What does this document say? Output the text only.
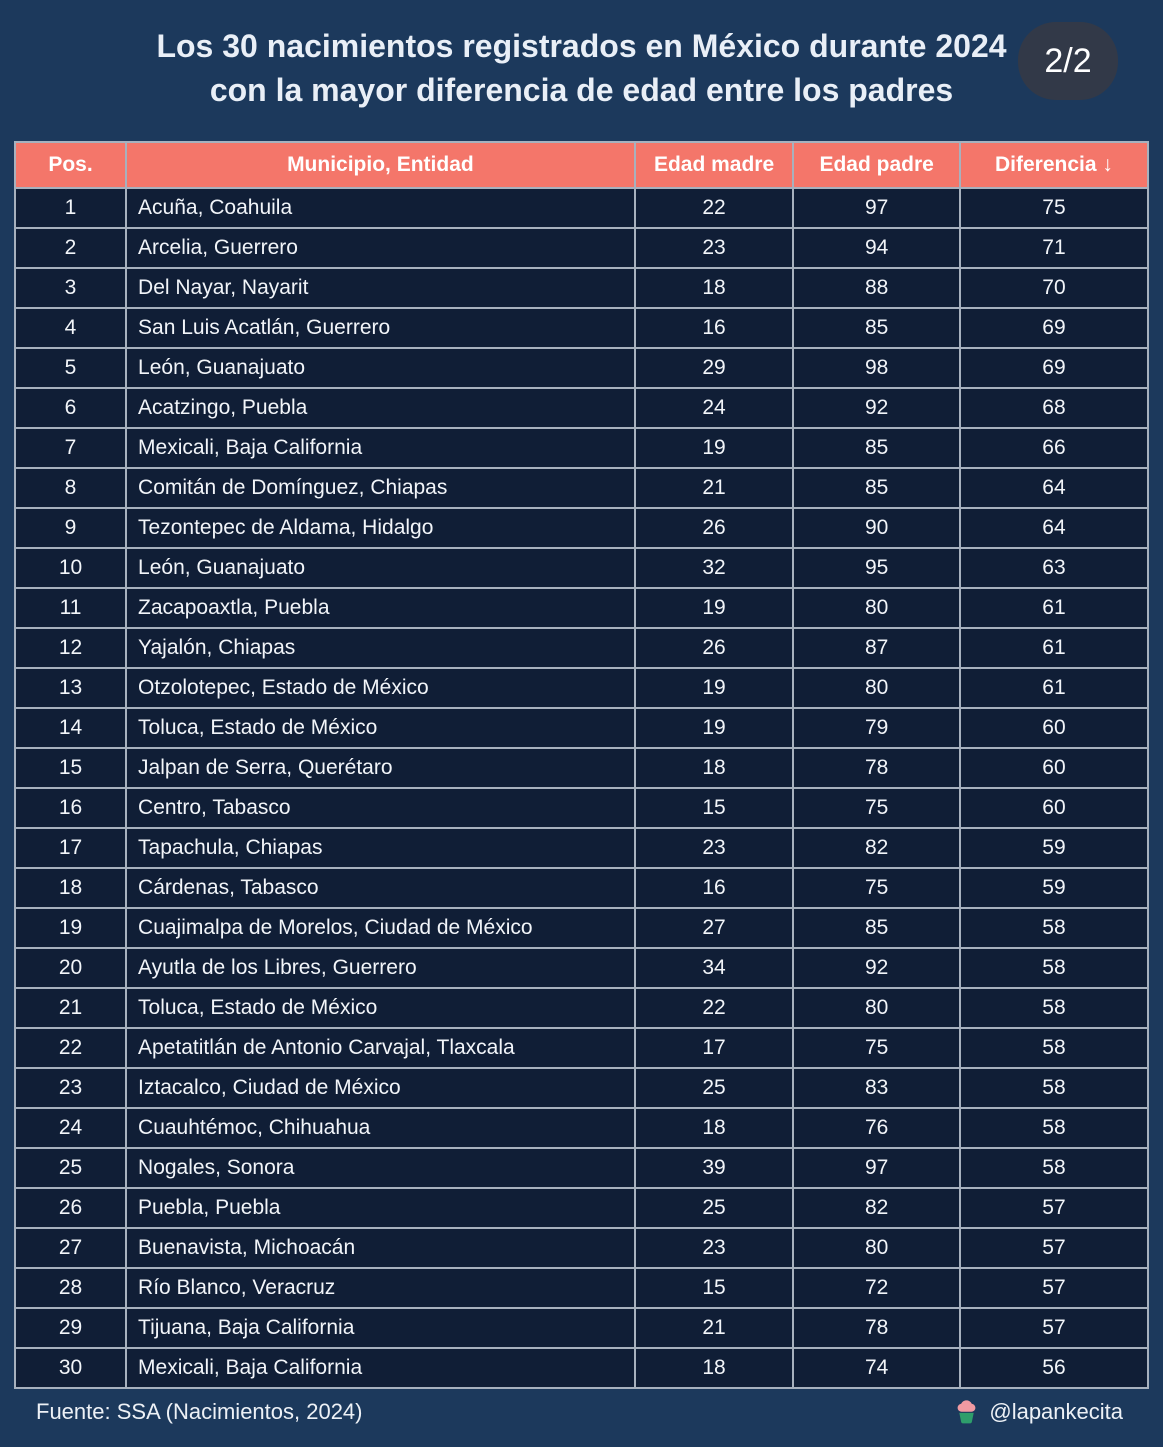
Los 30 nacimientos registrados en México durante 2024
con la mayor diferencia de edad entre los padres
2/2
Pos.	Municipio, Entidad	Edad madre	Edad padre	Diferencia ↓
1	Acuña, Coahuila	22	97	75
2	Arcelia, Guerrero	23	94	71
3	Del Nayar, Nayarit	18	88	70
4	San Luis Acatlán, Guerrero	16	85	69
5	León, Guanajuato	29	98	69
6	Acatzingo, Puebla	24	92	68
7	Mexicali, Baja California	19	85	66
8	Comitán de Domínguez, Chiapas	21	85	64
9	Tezontepec de Aldama, Hidalgo	26	90	64
10	León, Guanajuato	32	95	63
11	Zacapoaxtla, Puebla	19	80	61
12	Yajalón, Chiapas	26	87	61
13	Otzolotepec, Estado de México	19	80	61
14	Toluca, Estado de México	19	79	60
15	Jalpan de Serra, Querétaro	18	78	60
16	Centro, Tabasco	15	75	60
17	Tapachula, Chiapas	23	82	59
18	Cárdenas, Tabasco	16	75	59
19	Cuajimalpa de Morelos, Ciudad de México	27	85	58
20	Ayutla de los Libres, Guerrero	34	92	58
21	Toluca, Estado de México	22	80	58
22	Apetatitlán de Antonio Carvajal, Tlaxcala	17	75	58
23	Iztacalco, Ciudad de México	25	83	58
24	Cuauhtémoc, Chihuahua	18	76	58
25	Nogales, Sonora	39	97	58
26	Puebla, Puebla	25	82	57
27	Buenavista, Michoacán	23	80	57
28	Río Blanco, Veracruz	15	72	57
29	Tijuana, Baja California	21	78	57
30	Mexicali, Baja California	18	74	56
Fuente: SSA (Nacimientos, 2024)	@lapankecita
